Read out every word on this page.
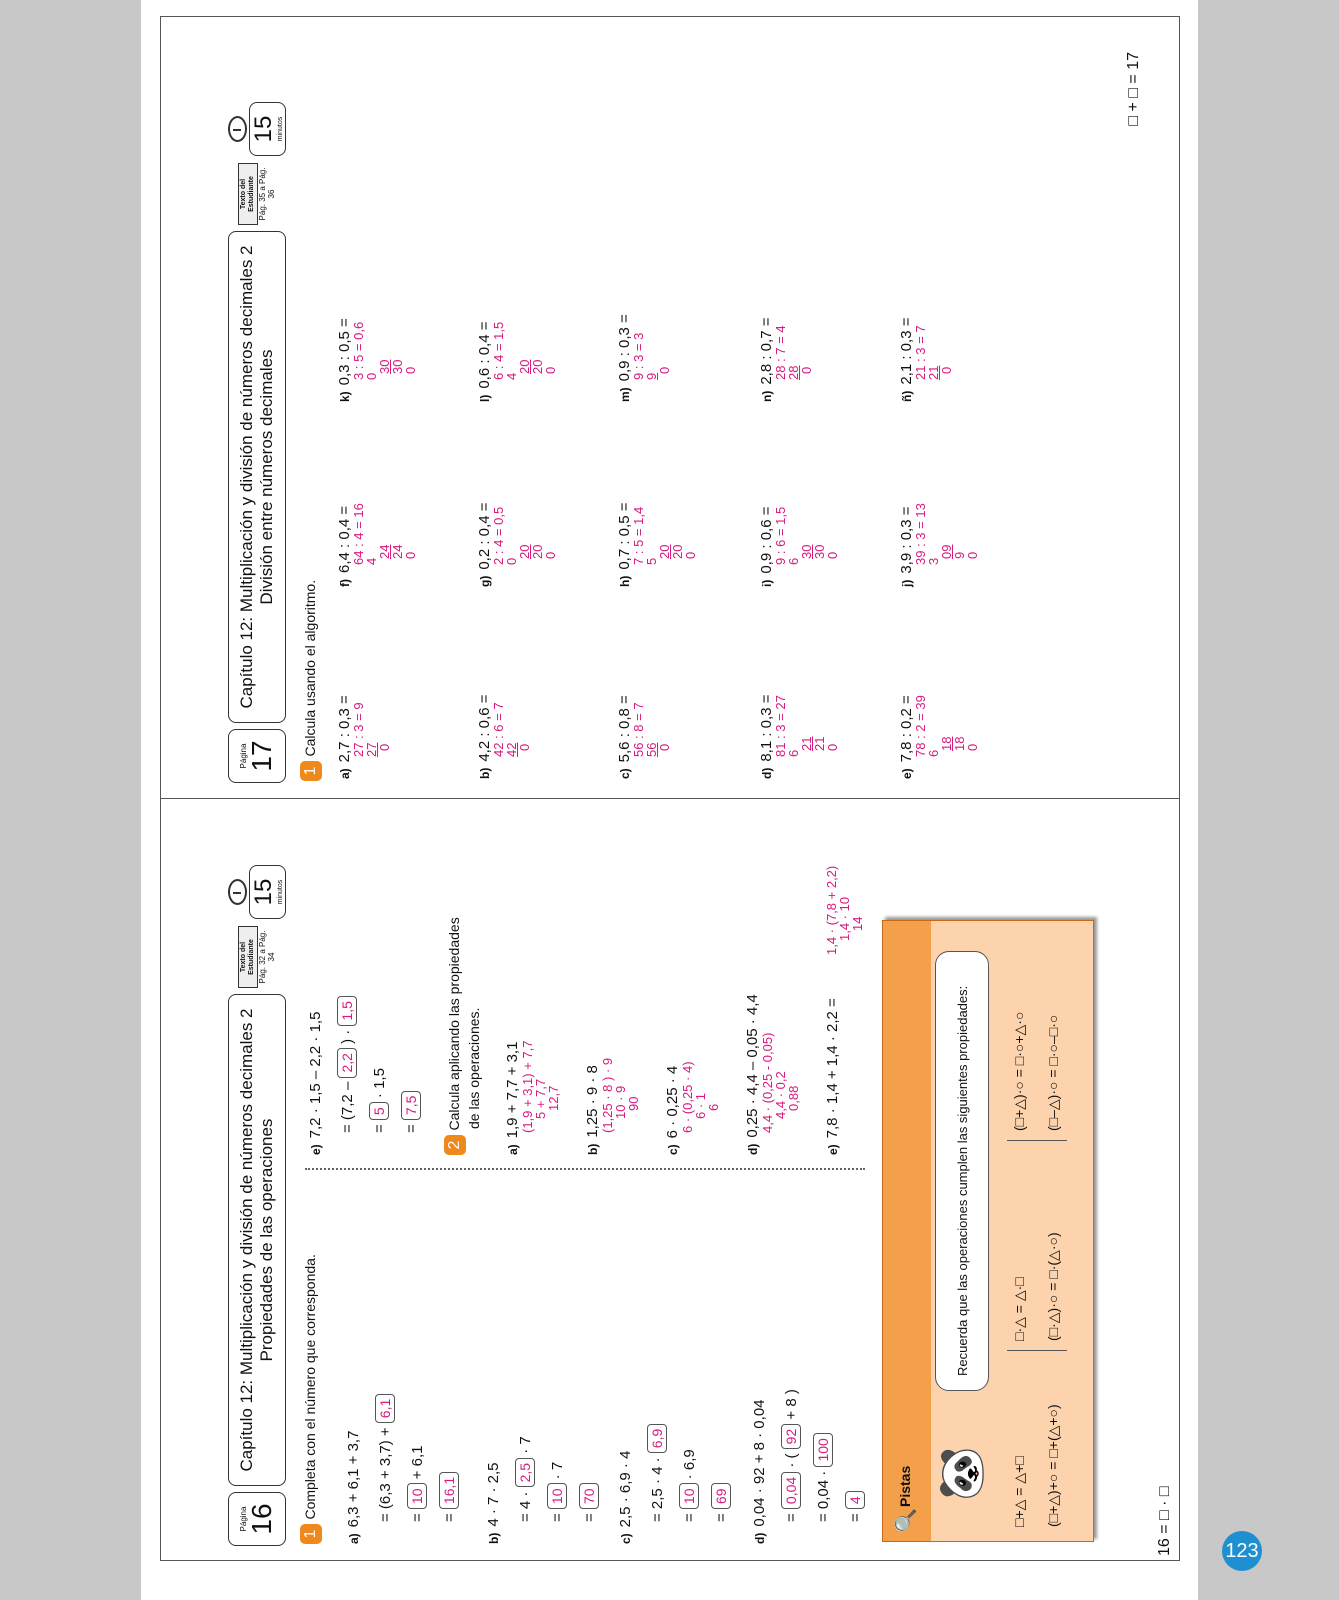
123
Página
16
Capítulo 12: Multiplicación y división de números decimales 2 Propiedades de las operaciones
Texto del Estudiante Pág. 32 a Pág. 34
15 minutos
1 Completa con el número que corresponda.
a)6,3 + 6,1 + 3,7	= (6,3 + 3,7) + 6,1
= 10 + 6,1
= 16,1
b)4 · 7 · 2,5	= 4 · 2,5 · 7
= 10 · 7
= 70
c)2,5 · 6,9 · 4	= 2,5 · 4 · 6,9
= 10 · 6,9
= 69
d)0,04 · 92 + 8 · 0,04	= 0,04 · ( 92 + 8 )
= 0,04 · 100
= 4
e)7,2 · 1,5 – 2,2 · 1,5	= (7,2 – 2,2 ) · 1,5
= 5 · 1,5
= 7,5
2 Calcula aplicando las propiedades de las operaciones.
a)1,9 + 7,7 + 3,1 (1,9 + 3,1) + 7,7
5 + 7,7
12,7
b)1,25 · 9 · 8 (1,25 · 8 ) · 9
10 · 9
90
c)6 · 0,25 · 4 6 · (0,25 · 4)
6 · 1
6
d)0,25 · 4,4 – 0,05 · 4,4 4,4 · (0,25 - 0,05)
4,4 · 0,2
0,88
e)7,8 · 1,4 + 1,4 · 2,2 =
1,4 · (7,8 + 2,2)
1,4 · 10
14
🔍
Pistas 🐼
Recuerda que las operaciones cumplen las siguientes propiedades:
□+△ = △+□ (□+△)+○ = □+(△+○)
□·△ = △·□ (□·△)·○ = □·(△·○)
(□+△)·○ = □·○+△·○ (□–△)·○ = □·○–□·○
16 = □ · □
Página
17
Capítulo 12: Multiplicación y división de números decimales 2 División entre números decimales
Texto del Estudiante Pág. 35 a Pág. 36
15 minutos
1 Calcula usando el algoritmo.
a)2,7 : 0,3 =
27 : 3 = 9
27
0
b)4,2 : 0,6 =
42 : 6 = 7
42
0
c)5,6 : 0,8 =
56 : 8 = 7
56
0
d)8,1 : 0,3 =
81 : 3 = 27
6
21
21
0
e)7,8 : 0,2 =
78 : 2 = 39
6
18
18
0
f)6,4 : 0,4 =
64 : 4 = 16
4
24
24
0
g)0,2 : 0,4 =
2 : 4 = 0,5
0
20
20
0
h)0,7 : 0,5 =
7 : 5 = 1,4
5
20
20
0
i)0,9 : 0,6 =
9 : 6 = 1,5
6
30
30
0
j)3,9 : 0,3 =
39 : 3 = 13
3
09
9
0
k)0,3 : 0,5 =
3 : 5 = 0,6
0
30
30
0
l)0,6 : 0,4 =
6 : 4 = 1,5
4
20
20
0
m)0,9 : 0,3 =
9 : 3 = 3
9
0
n)2,8 : 0,7 =
28 : 7 = 4
28
0
ñ)2,1 : 0,3 =
21 : 3 = 7
21
0
□ + □ = 17
